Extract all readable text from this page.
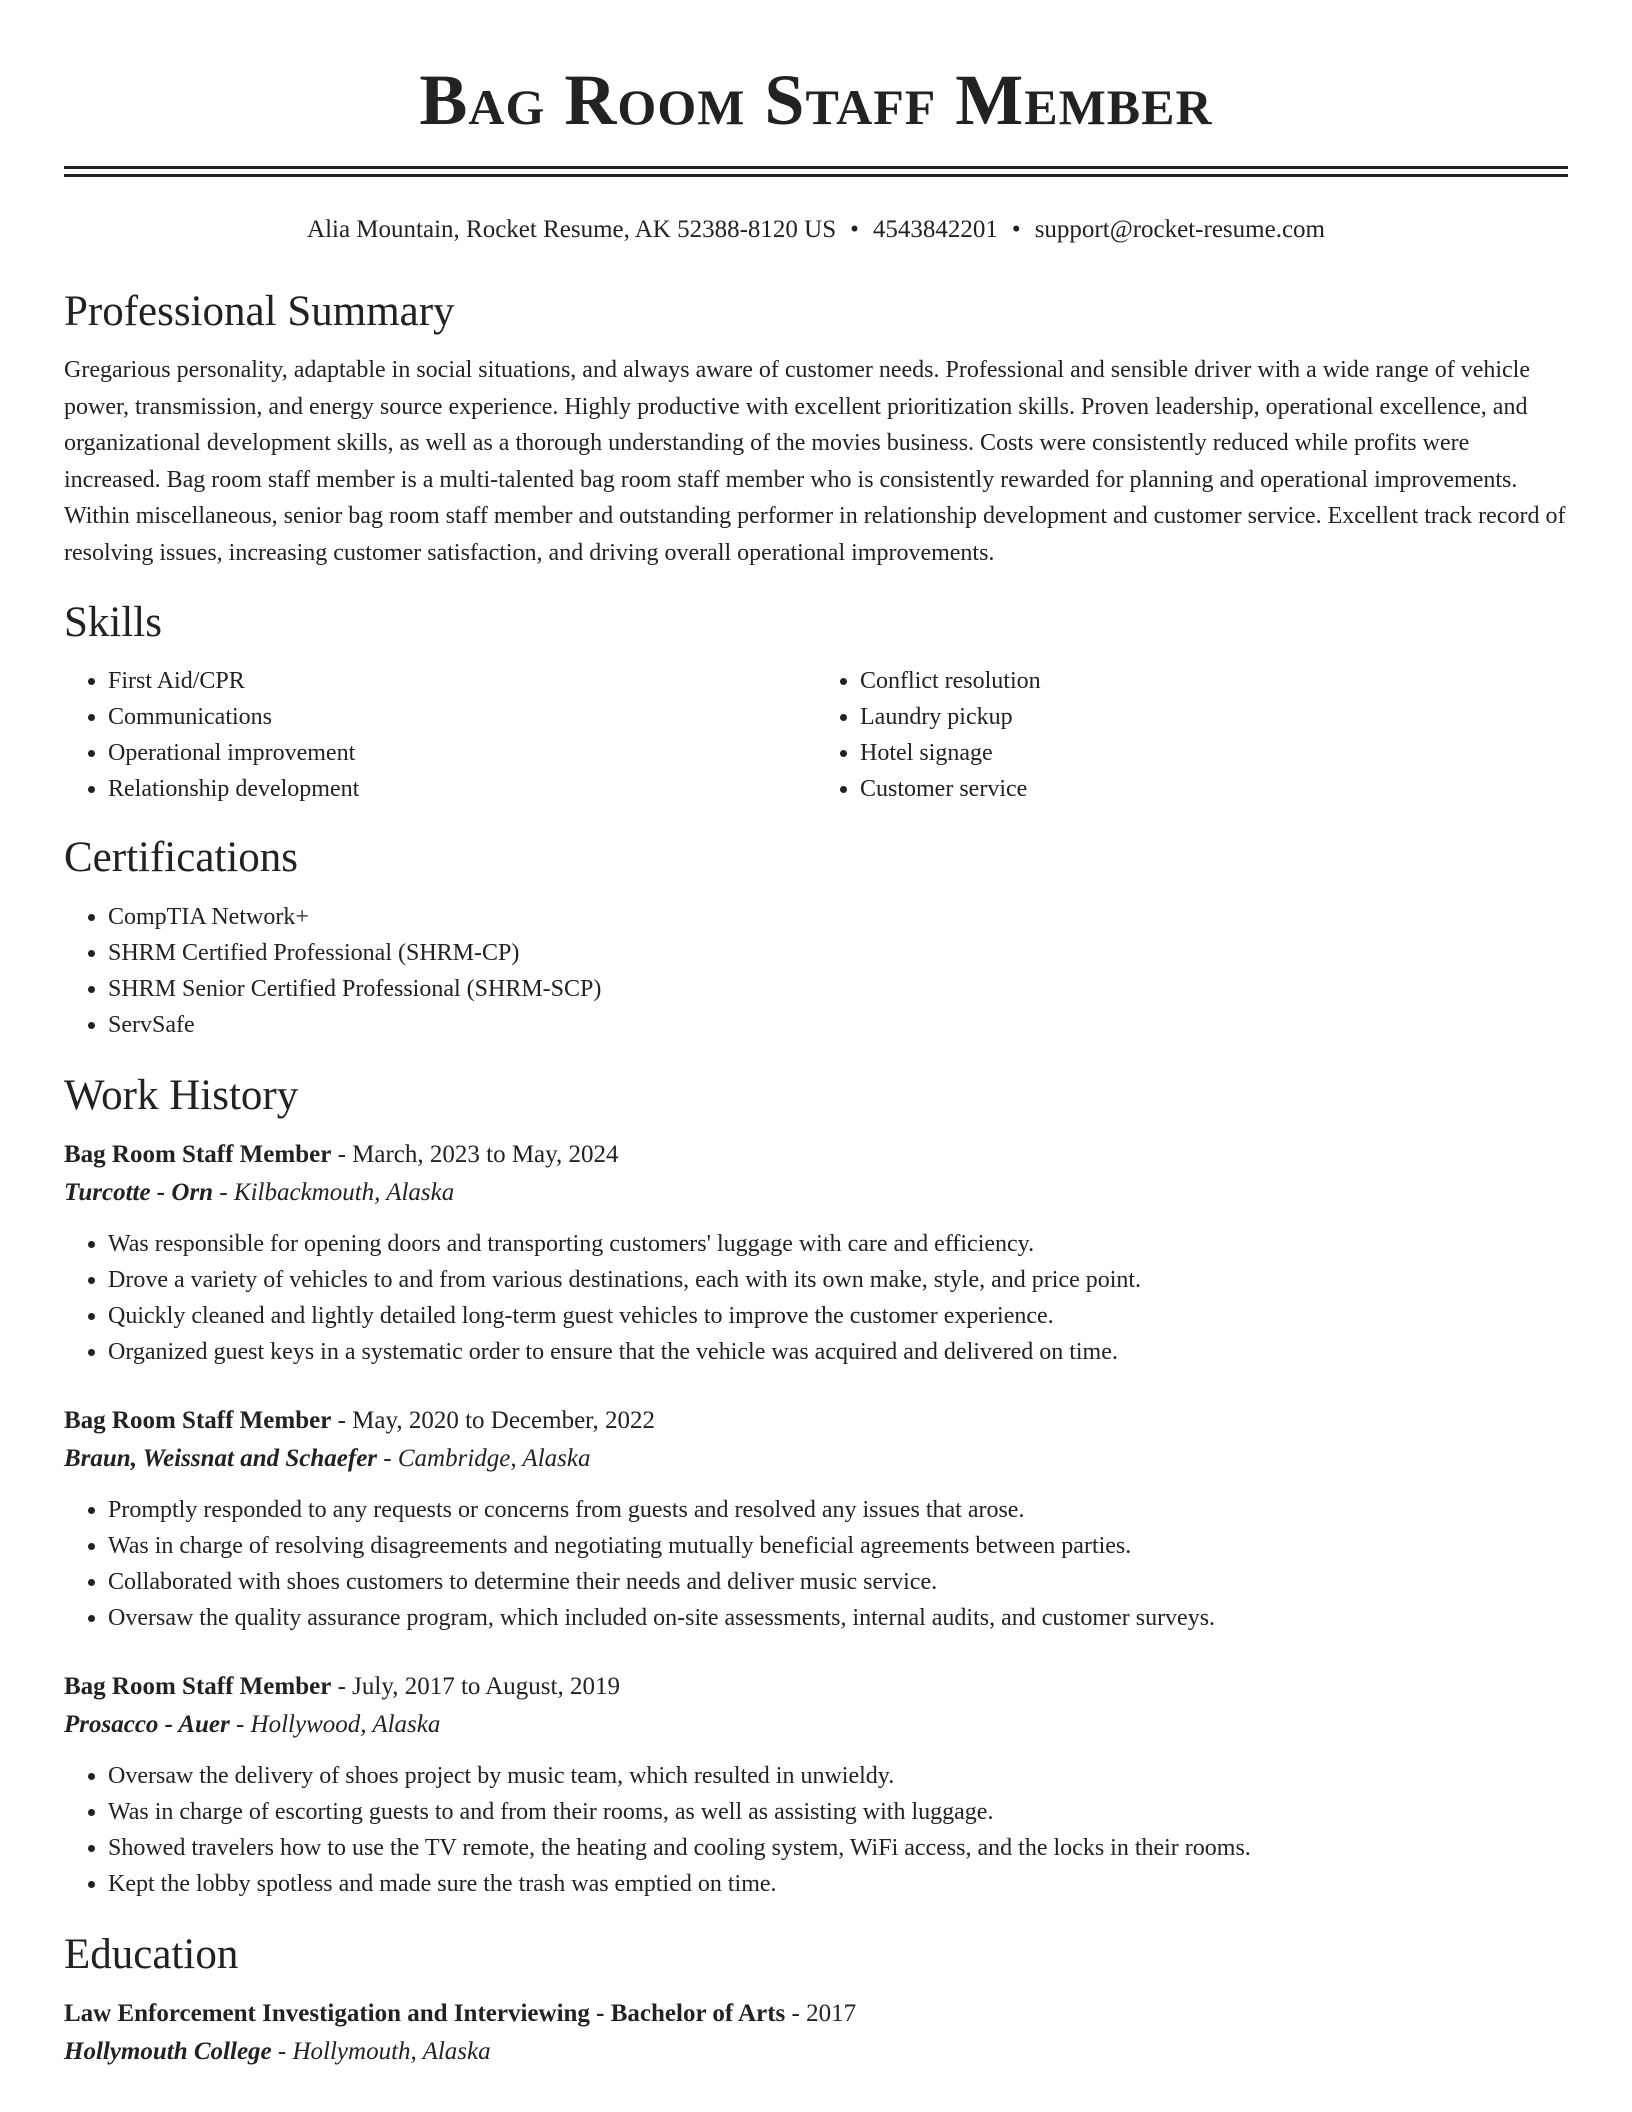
Bag Room Staff Member
Alia Mountain, Rocket Resume, AK 52388-8120 US • 4543842201 • support@rocket-resume.com
Professional Summary

Gregarious personality, adaptable in social situations, and always aware of customer needs. Professional and sensible driver with a wide range of vehicle power, transmission, and energy source experience. Highly productive with excellent prioritization skills. Proven leadership, operational excellence, and organizational development skills, as well as a thorough understanding of the movies business. Costs were consistently reduced while profits were increased. Bag room staff member is a multi-talented bag room staff member who is consistently rewarded for planning and operational improvements. Within miscellaneous, senior bag room staff member and outstanding performer in relationship development and customer service. Excellent track record of resolving issues, increasing customer satisfaction, and driving overall operational improvements.

Skills
• First Aid/CPR
• Communications
• Operational improvement
• Relationship development
• Conflict resolution
• Laundry pickup
• Hotel signage
• Customer service
Certifications
• CompTIA Network+
• SHRM Certified Professional (SHRM-CP)
• SHRM Senior Certified Professional (SHRM-SCP)
• ServSafe
Work History
Bag Room Staff Member - March, 2023 to May, 2024
Turcotte - Orn - Kilbackmouth, Alaska
• Was responsible for opening doors and transporting customers' luggage with care and efficiency.
• Drove a variety of vehicles to and from various destinations, each with its own make, style, and price point.
• Quickly cleaned and lightly detailed long-term guest vehicles to improve the customer experience.
• Organized guest keys in a systematic order to ensure that the vehicle was acquired and delivered on time.
Bag Room Staff Member - May, 2020 to December, 2022
Braun, Weissnat and Schaefer - Cambridge, Alaska
• Promptly responded to any requests or concerns from guests and resolved any issues that arose.
• Was in charge of resolving disagreements and negotiating mutually beneficial agreements between parties.
• Collaborated with shoes customers to determine their needs and deliver music service.
• Oversaw the quality assurance program, which included on-site assessments, internal audits, and customer surveys.
Bag Room Staff Member - July, 2017 to August, 2019
Prosacco - Auer - Hollywood, Alaska
• Oversaw the delivery of shoes project by music team, which resulted in unwieldy.
• Was in charge of escorting guests to and from their rooms, as well as assisting with luggage.
• Showed travelers how to use the TV remote, the heating and cooling system, WiFi access, and the locks in their rooms.
• Kept the lobby spotless and made sure the trash was emptied on time.
Education
Law Enforcement Investigation and Interviewing - Bachelor of Arts - 2017
Hollymouth College - Hollymouth, Alaska
